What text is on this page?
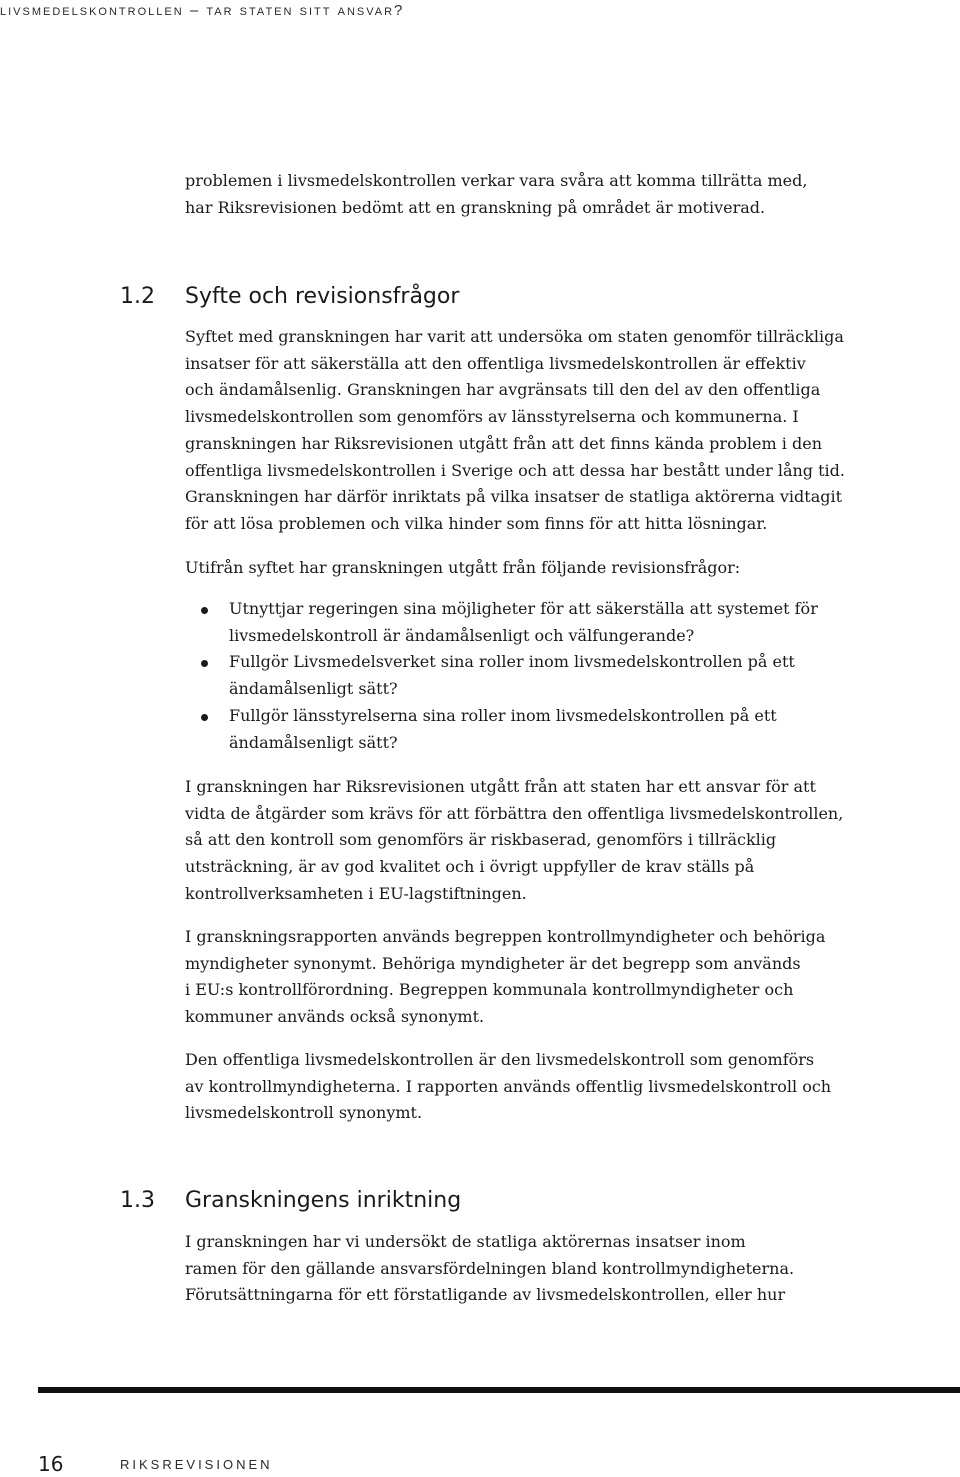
livsmedelskontrollen – tar staten sitt ansvar?

problemen i livsmedelskontrollen verkar vara svåra att komma tillrätta med,
har Riksrevisionen bedömt att en granskning på området är motiverad.

1.2 Syfte och revisionsfrågor

Syftet med granskningen har varit att undersöka om staten genomför tillräckliga
insatser för att säkerställa att den offentliga livsmedelskontrollen är effektiv
och ändamålsenlig. Granskningen har avgränsats till den del av den offentliga
livsmedelskontrollen som genomförs av länsstyrelserna och kommunerna. I
granskningen har Riksrevisionen utgått från att det finns kända problem i den
offentliga livsmedelskontrollen i Sverige och att dessa har bestått under lång tid.
Granskningen har därför inriktats på vilka insatser de statliga aktörerna vidtagit
för att lösa problemen och vilka hinder som finns för att hitta lösningar.

Utifrån syftet har granskningen utgått från följande revisionsfrågor:

Utnyttjar regeringen sina möjligheter för att säkerställa att systemet för
livsmedelskontroll är ändamålsenligt och välfungerande?
Fullgör Livsmedelsverket sina roller inom livsmedelskontrollen på ett
ändamålsenligt sätt?
Fullgör länsstyrelserna sina roller inom livsmedelskontrollen på ett
ändamålsenligt sätt?

I granskningen har Riksrevisionen utgått från att staten har ett ansvar för att
vidta de åtgärder som krävs för att förbättra den offentliga livsmedelskontrollen,
så att den kontroll som genomförs är riskbaserad, genomförs i tillräcklig
utsträckning, är av god kvalitet och i övrigt uppfyller de krav ställs på
kontrollverksamheten i EU-lagstiftningen.

I granskningsrapporten används begreppen kontrollmyndigheter och behöriga
myndigheter synonymt. Behöriga myndigheter är det begrepp som används
i EU:s kontrollförordning. Begreppen kommunala kontrollmyndigheter och
kommuner används också synonymt.

Den offentliga livsmedelskontrollen är den livsmedelskontroll som genomförs
av kontrollmyndigheterna. I rapporten används offentlig livsmedelskontroll och
livsmedelskontroll synonymt.

1.3 Granskningens inriktning

I granskningen har vi undersökt de statliga aktörernas insatser inom
ramen för den gällande ansvarsfördelningen bland kontrollmyndigheterna.
Förutsättningarna för ett förstatligande av livsmedelskontrollen, eller hur

16	RIKSREVISIONEN
